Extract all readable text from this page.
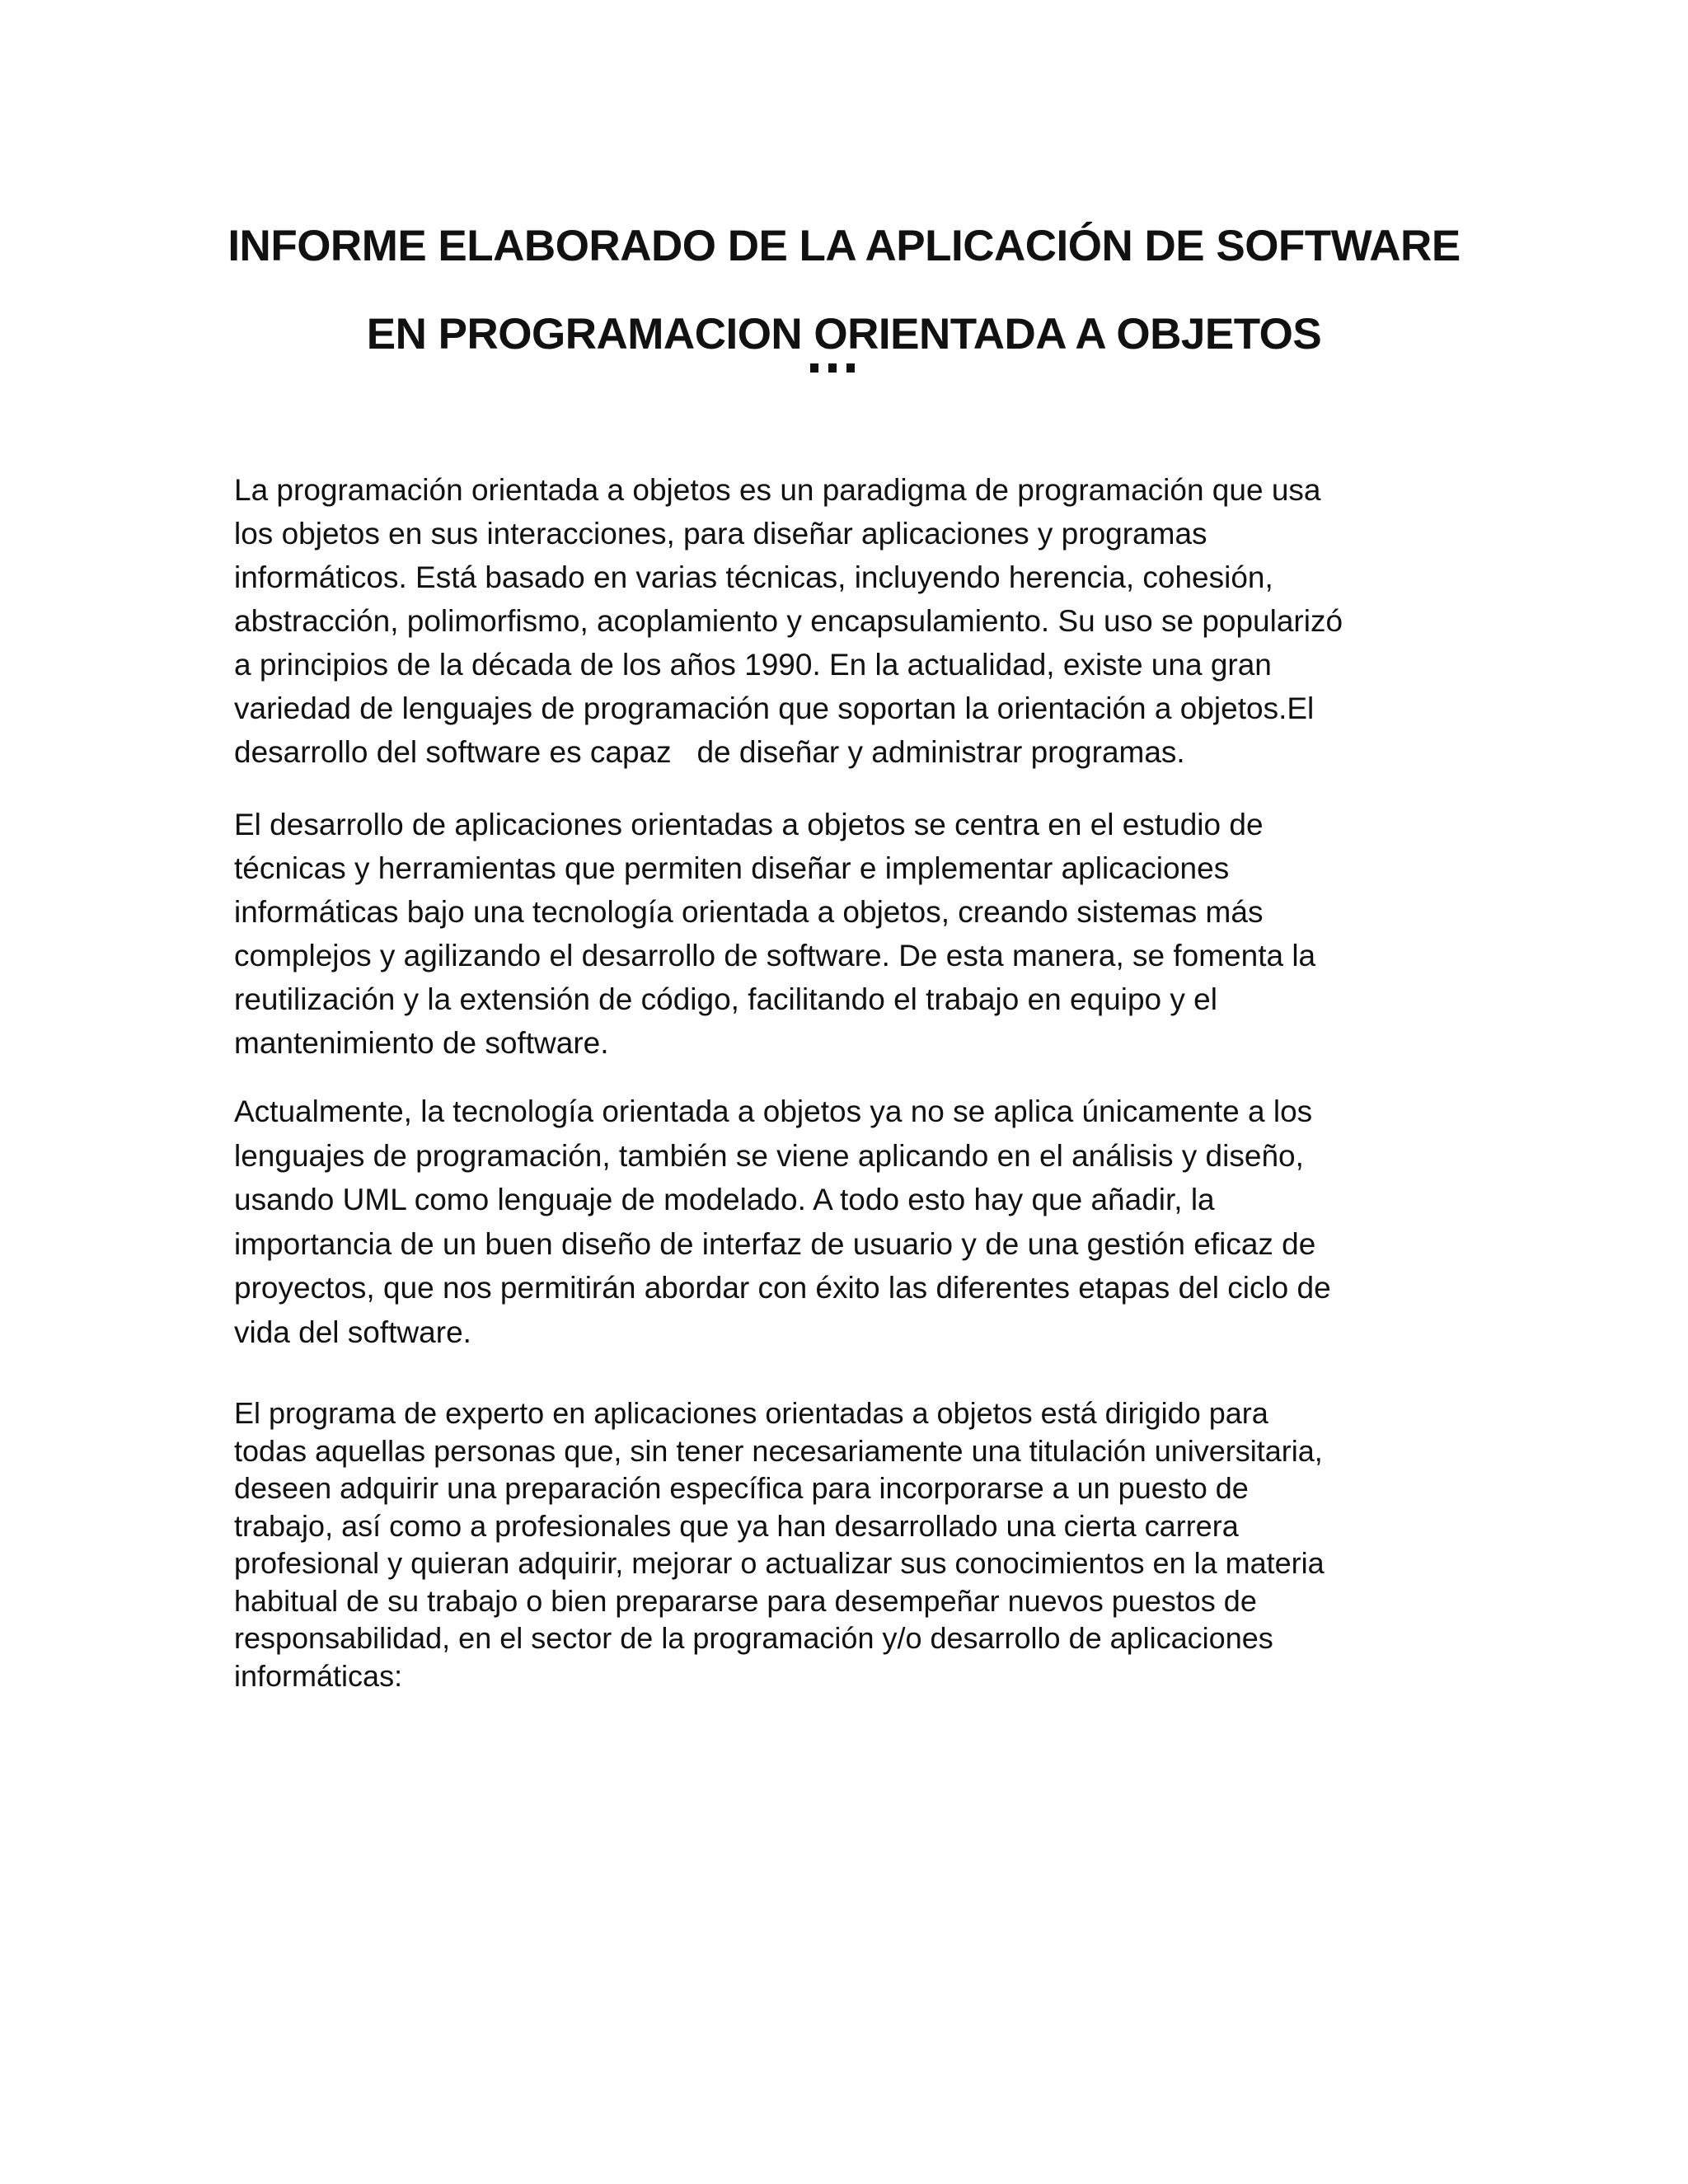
INFORME ELABORADO DE LA APLICACIÓN DE SOFTWARE
EN PROGRAMACION ORIENTADA A OBJETOS

La programación orientada a objetos es un paradigma de programación que usa
los objetos en sus interacciones, para diseñar aplicaciones y programas
informáticos. Está basado en varias técnicas, incluyendo herencia, cohesión,
abstracción, polimorfismo, acoplamiento y encapsulamiento. Su uso se popularizó
a principios de la década de los años 1990. En la actualidad, existe una gran
variedad de lenguajes de programación que soportan la orientación a objetos.El
desarrollo del software es capaz   de diseñar y administrar programas.

El desarrollo de aplicaciones orientadas a objetos se centra en el estudio de
técnicas y herramientas que permiten diseñar e implementar aplicaciones
informáticas bajo una tecnología orientada a objetos, creando sistemas más
complejos y agilizando el desarrollo de software. De esta manera, se fomenta la
reutilización y la extensión de código, facilitando el trabajo en equipo y el
mantenimiento de software.

Actualmente, la tecnología orientada a objetos ya no se aplica únicamente a los
lenguajes de programación, también se viene aplicando en el análisis y diseño,
usando UML como lenguaje de modelado. A todo esto hay que añadir, la
importancia de un buen diseño de interfaz de usuario y de una gestión eficaz de
proyectos, que nos permitirán abordar con éxito las diferentes etapas del ciclo de
vida del software.

El programa de experto en aplicaciones orientadas a objetos está dirigido para
todas aquellas personas que, sin tener necesariamente una titulación universitaria,
deseen adquirir una preparación específica para incorporarse a un puesto de
trabajo, así como a profesionales que ya han desarrollado una cierta carrera
profesional y quieran adquirir, mejorar o actualizar sus conocimientos en la materia
habitual de su trabajo o bien prepararse para desempeñar nuevos puestos de
responsabilidad, en el sector de la programación y/o desarrollo de aplicaciones
informáticas:
